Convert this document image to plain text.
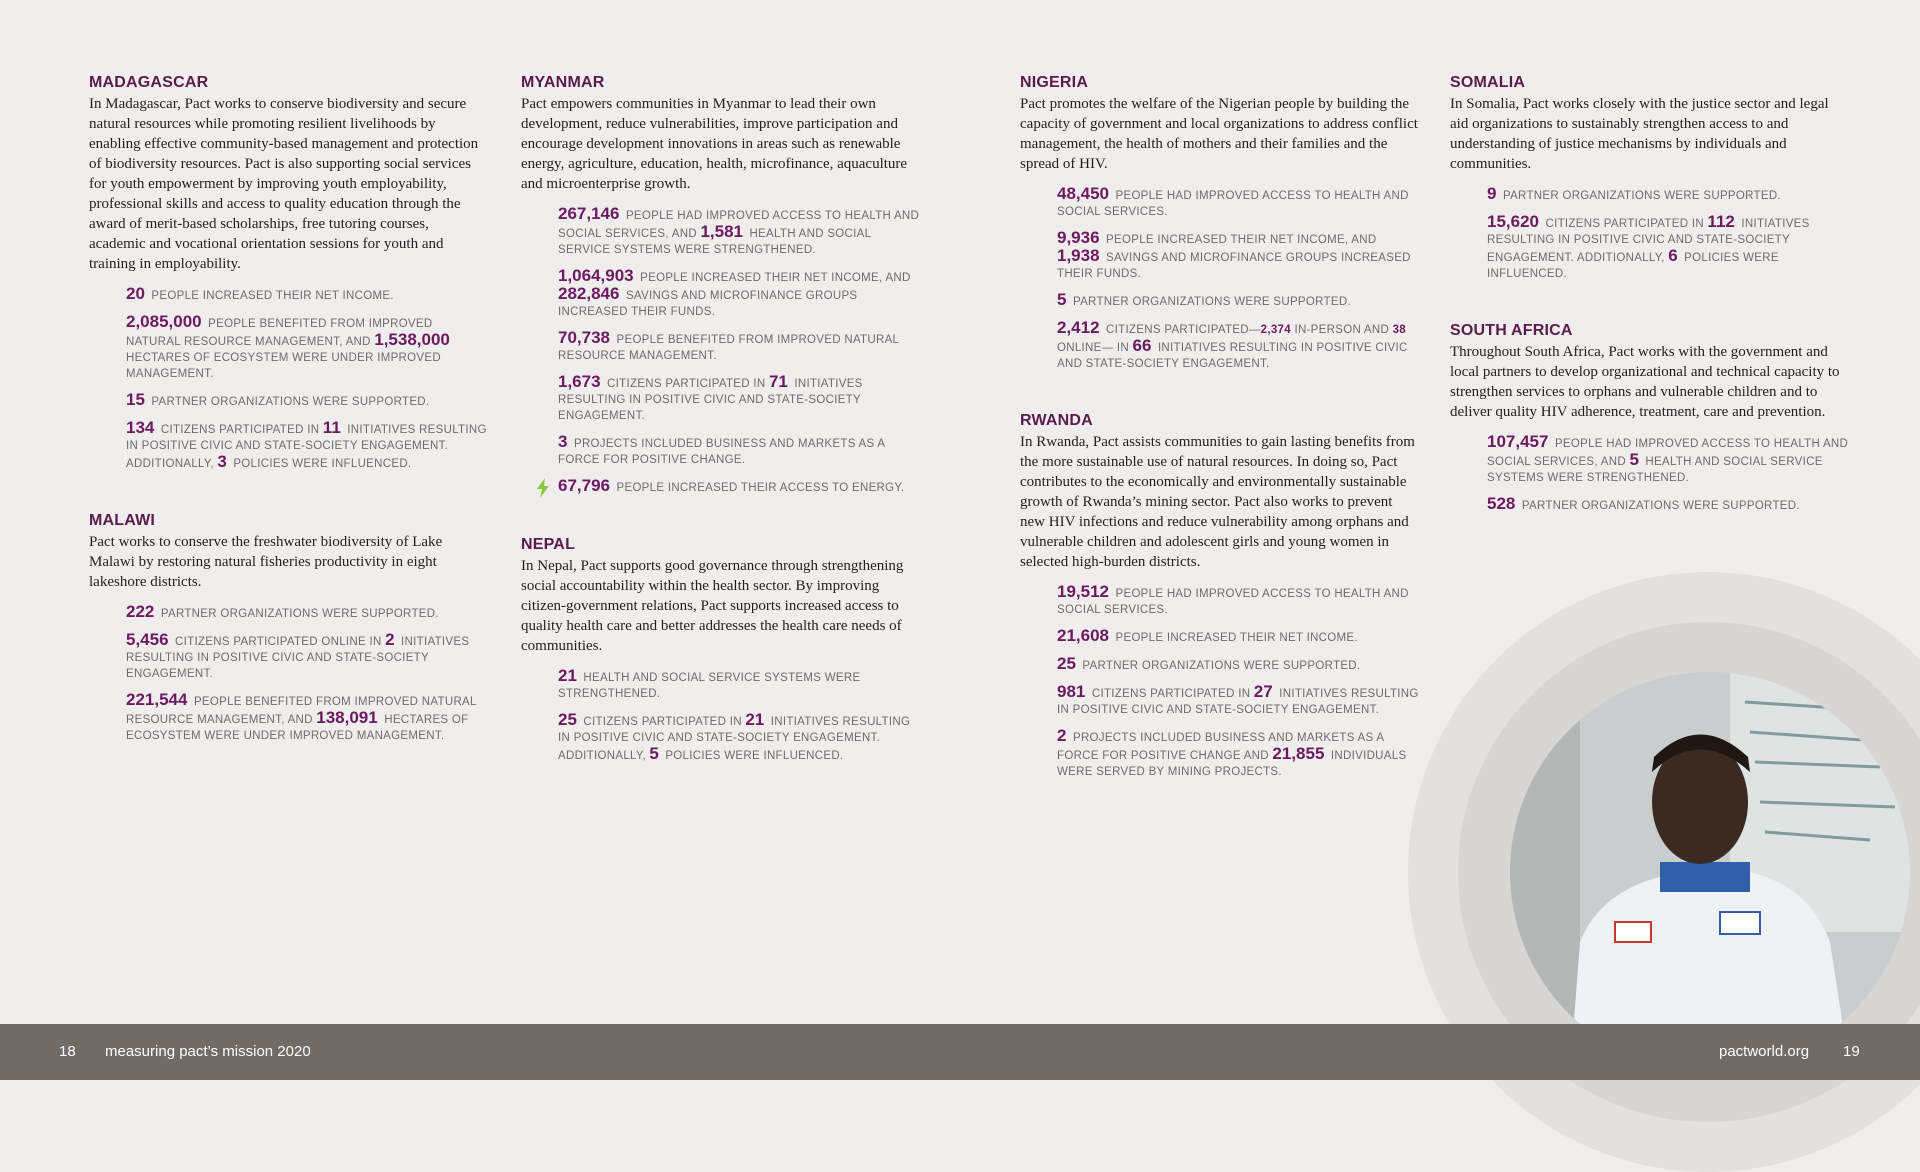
MADAGASCAR

In Madagascar, Pact works to conserve biodiversity and secure natural resources while promoting resilient livelihoods by enabling effective community-based management and protection of biodiversity resources. Pact is also supporting social services for youth empowerment by improving youth employability, professional skills and access to quality education through the award of merit-based scholarships, free tutoring courses, academic and vocational orientation sessions for youth and training in employability.

20 PEOPLE INCREASED THEIR NET INCOME.
2,085,000 PEOPLE BENEFITED FROM IMPROVED NATURAL RESOURCE MANAGEMENT, AND 1,538,000 HECTARES OF ECOSYSTEM WERE UNDER IMPROVED MANAGEMENT.
15 PARTNER ORGANIZATIONS WERE SUPPORTED.
134 CITIZENS PARTICIPATED IN 11 INITIATIVES RESULTING IN POSITIVE CIVIC AND STATE-SOCIETY ENGAGEMENT. ADDITIONALLY, 3 POLICIES WERE INFLUENCED.
MALAWI

Pact works to conserve the freshwater biodiversity of Lake Malawi by restoring natural fisheries productivity in eight lakeshore districts.

222 PARTNER ORGANIZATIONS WERE SUPPORTED.
5,456 CITIZENS PARTICIPATED ONLINE IN 2 INITIATIVES RESULTING IN POSITIVE CIVIC AND STATE-SOCIETY ENGAGEMENT.
221,544 PEOPLE BENEFITED FROM IMPROVED NATURAL RESOURCE MANAGEMENT, AND 138,091 HECTARES OF ECOSYSTEM WERE UNDER IMPROVED MANAGEMENT.
MYANMAR

Pact empowers communities in Myanmar to lead their own development, reduce vulnerabilities, improve participation and encourage development innovations in areas such as renewable energy, agriculture, education, health, microfinance, aquaculture and microenterprise growth.

267,146 PEOPLE HAD IMPROVED ACCESS TO HEALTH AND SOCIAL SERVICES, AND 1,581 HEALTH AND SOCIAL SERVICE SYSTEMS WERE STRENGTHENED.
1,064,903 PEOPLE INCREASED THEIR NET INCOME, AND 282,846 SAVINGS AND MICROFINANCE GROUPS INCREASED THEIR FUNDS.
70,738 PEOPLE BENEFITED FROM IMPROVED NATURAL RESOURCE MANAGEMENT.
1,673 CITIZENS PARTICIPATED IN 71 INITIATIVES RESULTING IN POSITIVE CIVIC AND STATE-SOCIETY ENGAGEMENT.
3 PROJECTS INCLUDED BUSINESS AND MARKETS AS A FORCE FOR POSITIVE CHANGE.
67,796 PEOPLE INCREASED THEIR ACCESS TO ENERGY.
NEPAL

In Nepal, Pact supports good governance through strengthening social accountability within the health sector. By improving citizen-government relations, Pact supports increased access to quality health care and better addresses the health care needs of communities.

21 HEALTH AND SOCIAL SERVICE SYSTEMS WERE STRENGTHENED.
25 CITIZENS PARTICIPATED IN 21 INITIATIVES RESULTING IN POSITIVE CIVIC AND STATE-SOCIETY ENGAGEMENT. ADDITIONALLY, 5 POLICIES WERE INFLUENCED.
NIGERIA

Pact promotes the welfare of the Nigerian people by building the capacity of government and local organizations to address conflict management, the health of mothers and their families and the spread of HIV.

48,450 PEOPLE HAD IMPROVED ACCESS TO HEALTH AND SOCIAL SERVICES.
9,936 PEOPLE INCREASED THEIR NET INCOME, AND 1,938 SAVINGS AND MICROFINANCE GROUPS INCREASED THEIR FUNDS.
5 PARTNER ORGANIZATIONS WERE SUPPORTED.
2,412 CITIZENS PARTICIPATED—2,374 IN-PERSON AND 38 ONLINE— IN 66 INITIATIVES RESULTING IN POSITIVE CIVIC AND STATE-SOCIETY ENGAGEMENT.
RWANDA

In Rwanda, Pact assists communities to gain lasting benefits from the more sustainable use of natural resources. In doing so, Pact contributes to the economically and environmentally sustainable growth of Rwanda’s mining sector. Pact also works to prevent new HIV infections and reduce vulnerability among orphans and vulnerable children and adolescent girls and young women in selected high-burden districts.

19,512 PEOPLE HAD IMPROVED ACCESS TO HEALTH AND SOCIAL SERVICES.
21,608 PEOPLE INCREASED THEIR NET INCOME.
25 PARTNER ORGANIZATIONS WERE SUPPORTED.
981 CITIZENS PARTICIPATED IN 27 INITIATIVES RESULTING IN POSITIVE CIVIC AND STATE-SOCIETY ENGAGEMENT.
2 PROJECTS INCLUDED BUSINESS AND MARKETS AS A FORCE FOR POSITIVE CHANGE AND 21,855 INDIVIDUALS WERE SERVED BY MINING PROJECTS.
SOMALIA

In Somalia, Pact works closely with the justice sector and legal aid organizations to sustainably strengthen access to and understanding of justice mechanisms by individuals and communities.

9 PARTNER ORGANIZATIONS WERE SUPPORTED.
15,620 CITIZENS PARTICIPATED IN 112 INITIATIVES RESULTING IN POSITIVE CIVIC AND STATE-SOCIETY ENGAGEMENT. ADDITIONALLY, 6 POLICIES WERE INFLUENCED.
SOUTH AFRICA

Throughout South Africa, Pact works with the government and local partners to develop organizational and technical capacity to strengthen services to orphans and vulnerable children and to deliver quality HIV adherence, treatment, care and prevention.

107,457 PEOPLE HAD IMPROVED ACCESS TO HEALTH AND SOCIAL SERVICES, AND 5 HEALTH AND SOCIAL SERVICE SYSTEMS WERE STRENGTHENED.
528 PARTNER ORGANIZATIONS WERE SUPPORTED.
18 measuring pact’s mission 2020	pactworld.org 19
